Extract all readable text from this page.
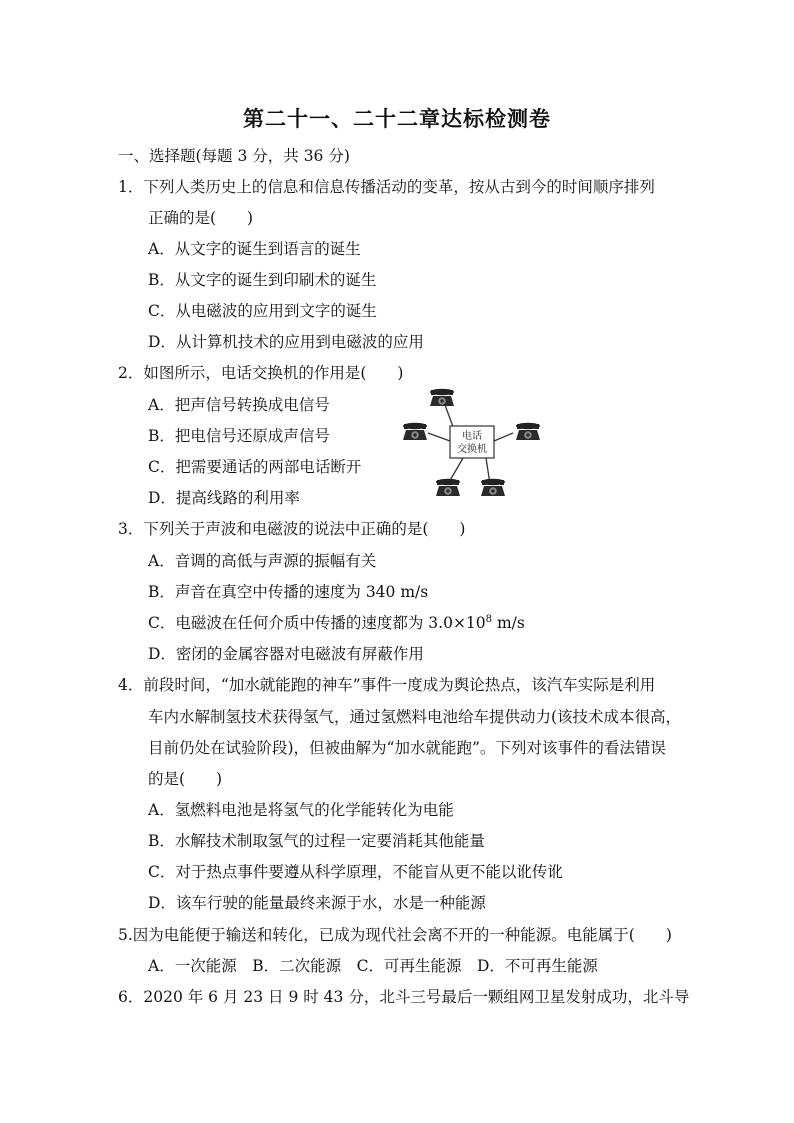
第二十一、二十二章达标检测卷
一、选择题(每题 3 分，共 36 分)
1．下列人类历史上的信息和信息传播活动的变革，按从古到今的时间顺序排列
正确的是(　　)
A．从文字的诞生到语言的诞生
B．从文字的诞生到印刷术的诞生
C．从电磁波的应用到文字的诞生
D．从计算机技术的应用到电磁波的应用
2．如图所示，电话交换机的作用是(　　)
A．把声信号转换成电信号
B．把电信号还原成声信号
C．把需要通话的两部电话断开
D．提高线路的利用率
电话
交换机
3．下列关于声波和电磁波的说法中正确的是(　　)
A．音调的高低与声源的振幅有关
B．声音在真空中传播的速度为 340 m/s
C．电磁波在任何介质中传播的速度都为 $3.0\times 10^8$ m/s
D．密闭的金属容器对电磁波有屏蔽作用
4．前段时间，“加水就能跑的神车”事件一度成为舆论热点，该汽车实际是利用
车内水解制氢技术获得氢气，通过氢燃料电池给车提供动力(该技术成本很高，
目前仍处在试验阶段)，但被曲解为“加水就能跑”。下列对该事件的看法错误
的是(　　)
A．氢燃料电池是将氢气的化学能转化为电能
B．水解技术制取氢气的过程一定要消耗其他能量
C．对于热点事件要遵从科学原理，不能盲从更不能以讹传讹
D．该车行驶的能量最终来源于水，水是一种能源
5.因为电能便于输送和转化，已成为现代社会离不开的一种能源。电能属于(　　)
A．一次能源　B．二次能源　C．可再生能源　D．不可再生能源
6．2020 年 6 月 23 日 9 时 43 分，北斗三号最后一颗组网卫星发射成功，北斗导
